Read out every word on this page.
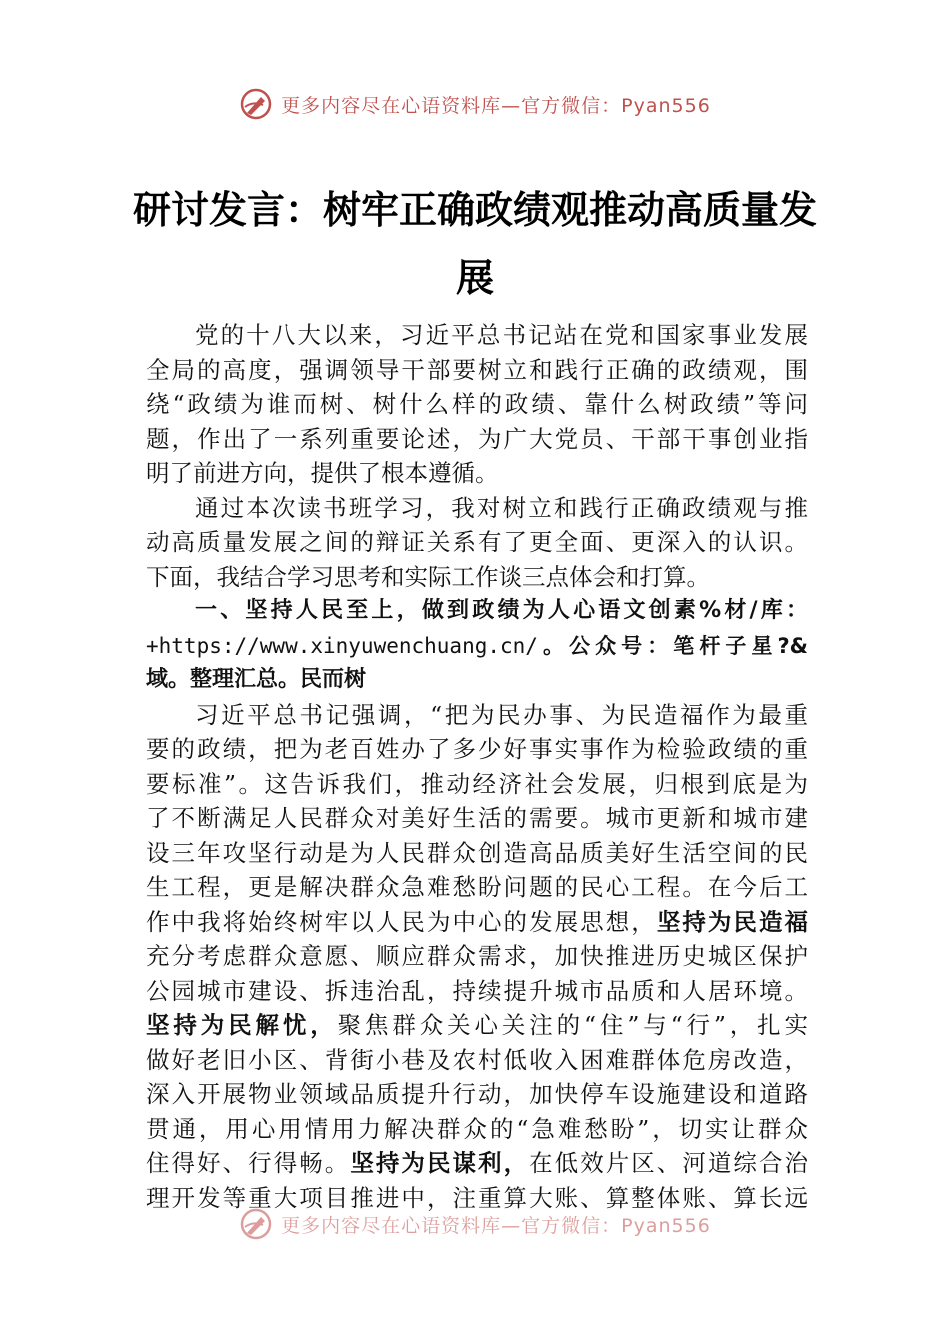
更多内容尽在心语资料库—官方微信：Pyan556
研讨发言：树牢正确政绩观推动高质量发
展
党的十八大以来，习近平总书记站在党和国家事业发展
全局的高度，强调领导干部要树立和践行正确的政绩观，围
绕“政绩为谁而树、树什么样的政绩、靠什么树政绩”等问
题，作出了一系列重要论述，为广大党员、干部干事创业指
明了前进方向，提供了根本遵循。
通过本次读书班学习，我对树立和践行正确政绩观与推
动高质量发展之间的辩证关系有了更全面、更深入的认识。
下面，我结合学习思考和实际工作谈三点体会和打算。
一、坚持人民至上，做到政绩为人心语文创素%材/库：
+https://www.xinyuwenchuang.cn/。公众号：笔杆子星?&
域。整理汇总。民而树
习近平总书记强调，“把为民办事、为民造福作为最重
要的政绩，把为老百姓办了多少好事实事作为检验政绩的重
要标准”。这告诉我们，推动经济社会发展，归根到底是为
了不断满足人民群众对美好生活的需要。城市更新和城市建
设三年攻坚行动是为人民群众创造高品质美好生活空间的民
生工程，更是解决群众急难愁盼问题的民心工程。在今后工
作中我将始终树牢以人民为中心的发展思想，坚持为民造福
充分考虑群众意愿、顺应群众需求，加快推进历史城区保护
公园城市建设、拆违治乱，持续提升城市品质和人居环境。
坚持为民解忧，聚焦群众关心关注的“住”与“行”，扎实
做好老旧小区、背街小巷及农村低收入困难群体危房改造，
深入开展物业领域品质提升行动，加快停车设施建设和道路
贯通，用心用情用力解决群众的“急难愁盼”，切实让群众
住得好、行得畅。坚持为民谋利，在低效片区、河道综合治
理开发等重大项目推进中，注重算大账、算整体账、算长远
更多内容尽在心语资料库—官方微信：Pyan556
